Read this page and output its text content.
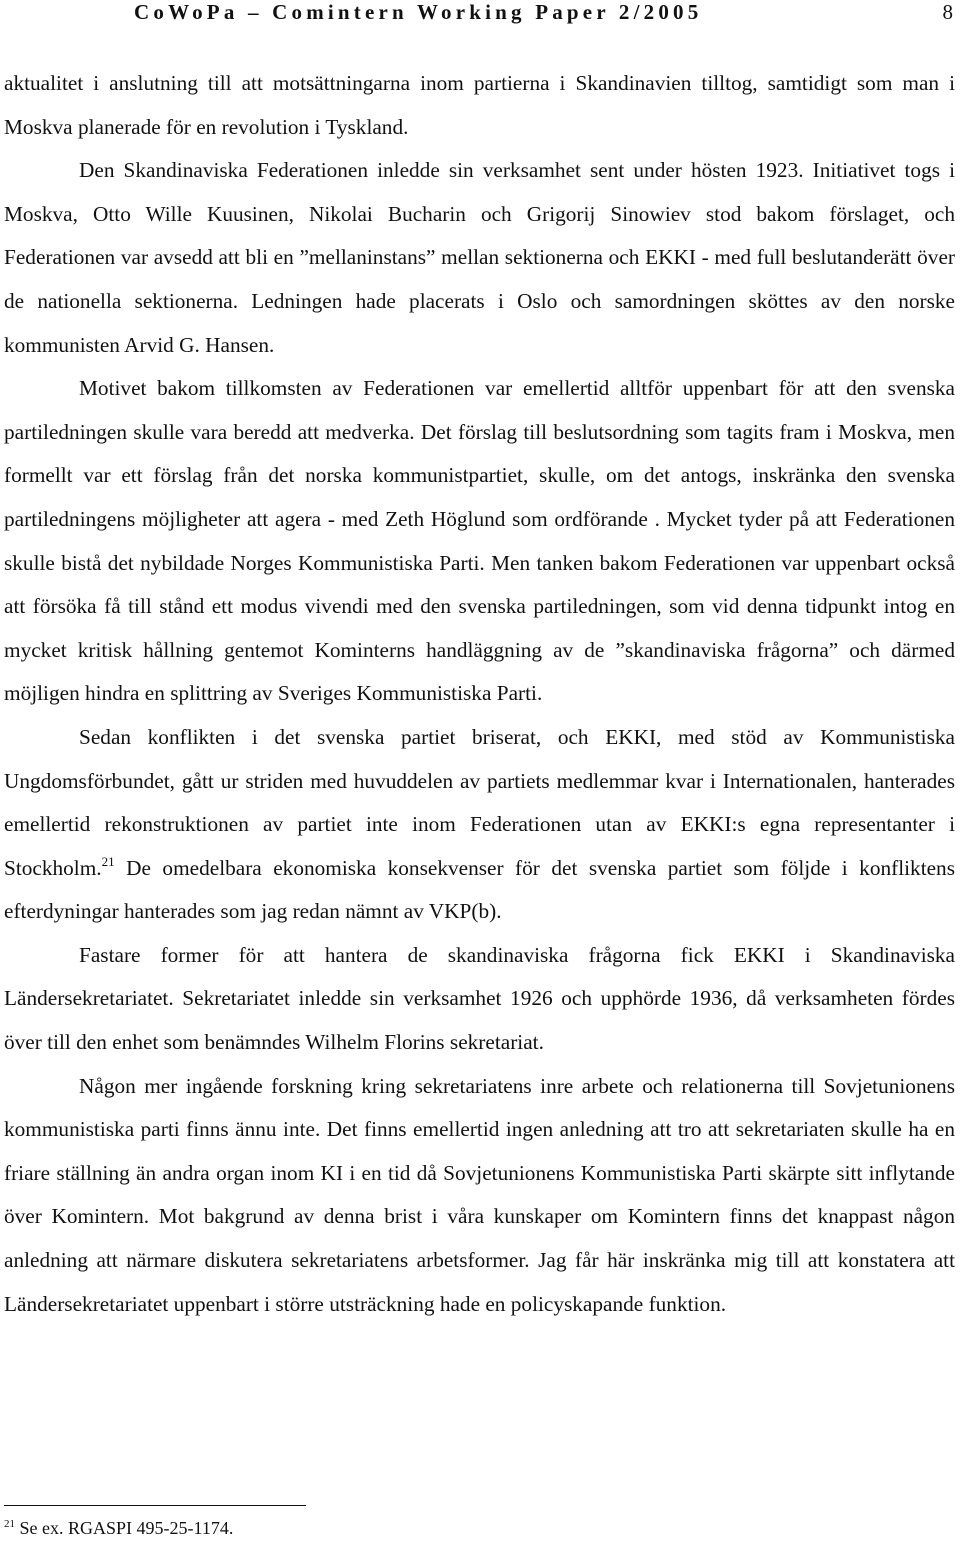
CoWoPa – Comintern Working Paper 2/2005	8

aktualitet i anslutning till att motsättningarna inom partierna i Skandinavien tilltog, samtidigt som man i Moskva planerade för en revolution i Tyskland.

Den Skandinaviska Federationen inledde sin verksamhet sent under hösten 1923. Initiativet togs i Moskva, Otto Wille Kuusinen, Nikolai Bucharin och Grigorij Sinowiev stod bakom förslaget, och Federationen var avsedd att bli en ”mellaninstans” mellan sektionerna och EKKI - med full beslutanderätt över de nationella sektionerna. Ledningen hade placerats i Oslo och samordningen sköttes av den norske kommunisten Arvid G. Hansen.

Motivet bakom tillkomsten av Federationen var emellertid alltför uppenbart för att den svenska partiledningen skulle vara beredd att medverka. Det förslag till beslutsordning som tagits fram i Moskva, men formellt var ett förslag från det norska kommunistpartiet, skulle, om det antogs, inskränka den svenska partiledningens möjligheter att agera - med Zeth Höglund som ordförande . Mycket tyder på att Federationen skulle bistå det nybildade Norges Kommunistiska Parti. Men tanken bakom Federationen var uppenbart också att försöka få till stånd ett modus vivendi med den svenska partiledningen, som vid denna tidpunkt intog en mycket kritisk hållning gentemot Kominterns handläggning av de ”skandinaviska frågorna” och därmed möjligen hindra en splittring av Sveriges Kommunistiska Parti.

Sedan konflikten i det svenska partiet briserat, och EKKI, med stöd av Kommunistiska Ungdomsförbundet, gått ur striden med huvuddelen av partiets medlemmar kvar i Internationalen, hanterades emellertid rekonstruktionen av partiet inte inom Federationen utan av EKKI:s egna representanter i Stockholm.$^{21}$ De omedelbara ekonomiska konsekvenser för det svenska partiet som följde i konfliktens efterdyningar hanterades som jag redan nämnt av VKP(b).

Fastare former för att hantera de skandinaviska frågorna fick EKKI i Skandinaviska Ländersekretariatet. Sekretariatet inledde sin verksamhet 1926 och upphörde 1936, då verksamheten fördes över till den enhet som benämndes Wilhelm Florins sekretariat.

Någon mer ingående forskning kring sekretariatens inre arbete och relationerna till Sovjetunionens kommunistiska parti finns ännu inte. Det finns emellertid ingen anledning att tro att sekretariaten skulle ha en friare ställning än andra organ inom KI i en tid då Sovjetunionens Kommunistiska Parti skärpte sitt inflytande över Komintern. Mot bakgrund av denna brist i våra kunskaper om Komintern finns det knappast någon anledning att närmare diskutera sekretariatens arbetsformer. Jag får här inskränka mig till att konstatera att Ländersekretariatet uppenbart i större utsträckning hade en policyskapande funktion.

$^{21}$ Se ex. RGASPI 495-25-1174.
